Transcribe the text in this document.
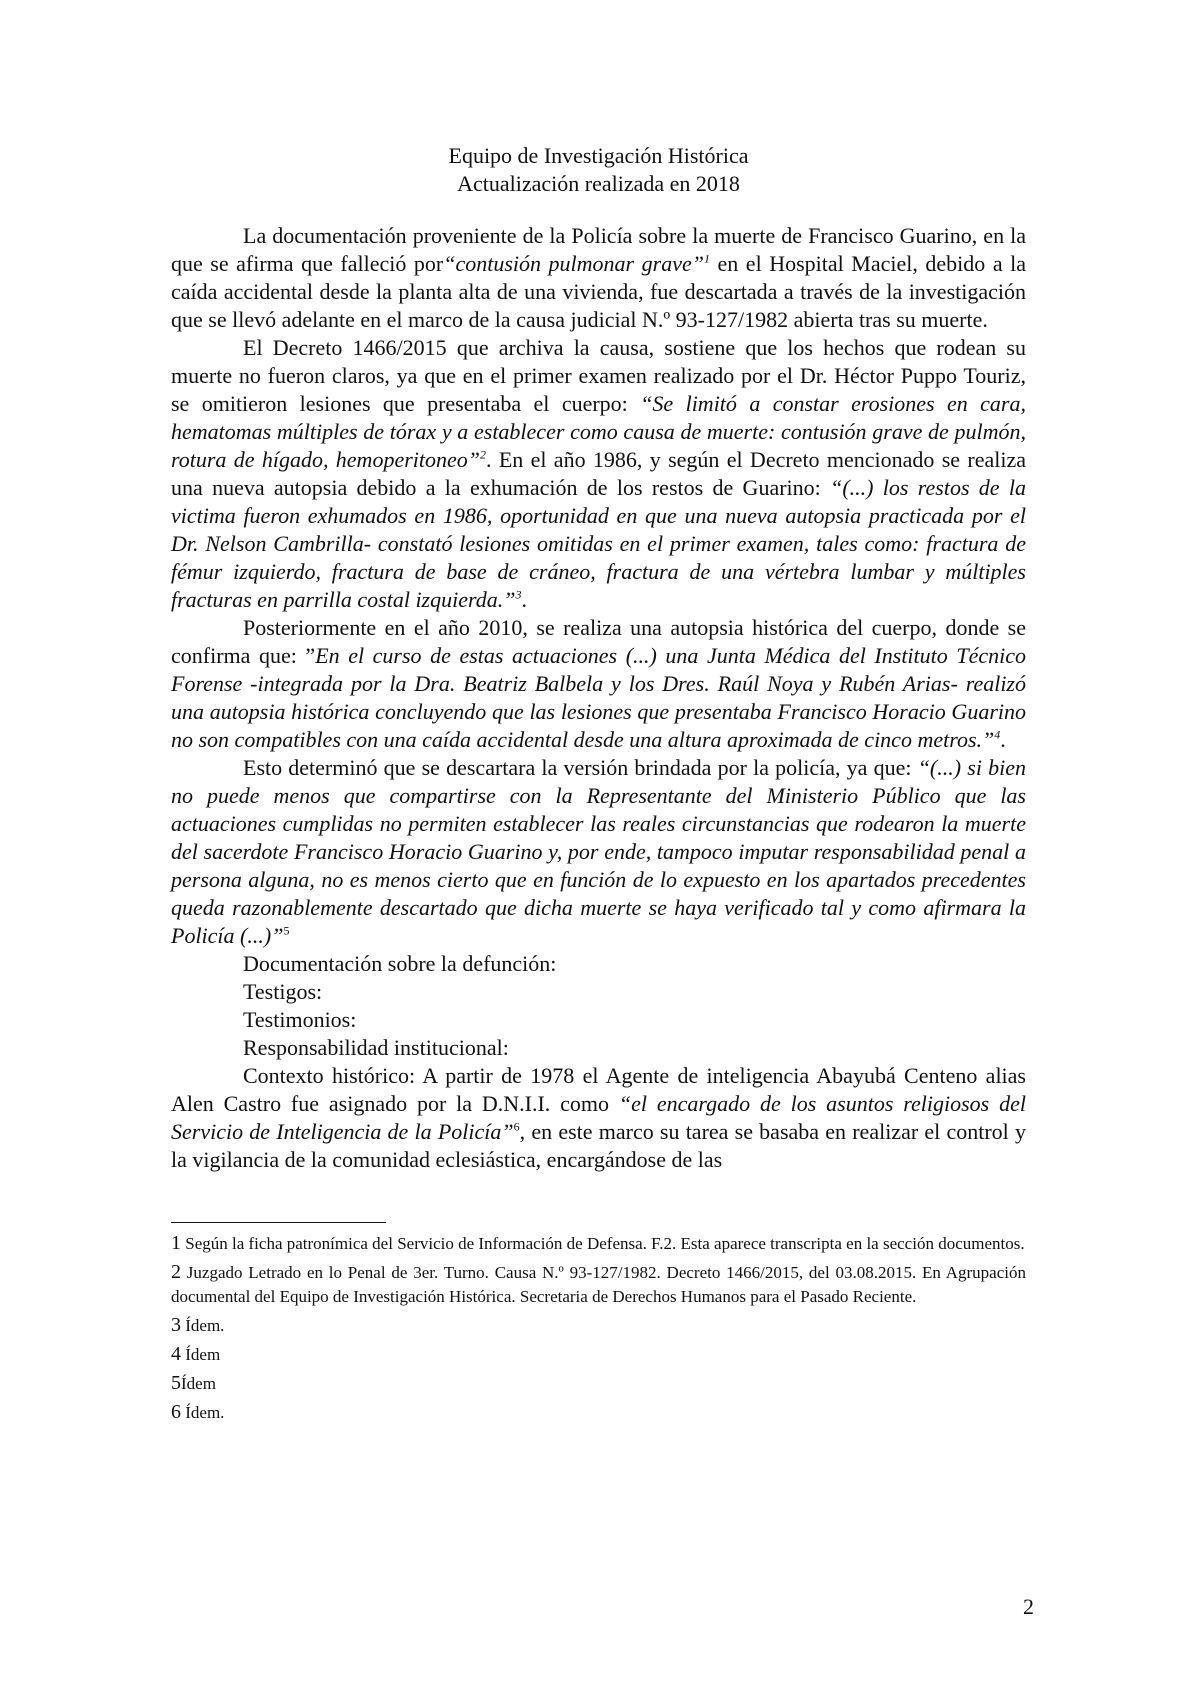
Equipo de Investigación Histórica
Actualización realizada en 2018

La documentación proveniente de la Policía sobre la muerte de Francisco Guarino, en la que se afirma que falleció por“contusión pulmonar grave”$^1$ en el Hospital Maciel, debido a la caída accidental desde la planta alta de una vivienda, fue descartada a través de la investigación que se llevó adelante en el marco de la causa judicial N.º 93-127/1982 abierta tras su muerte.

El Decreto 1466/2015 que archiva la causa, sostiene que los hechos que rodean su muerte no fueron claros, ya que en el primer examen realizado por el Dr. Héctor Puppo Touriz, se omitieron lesiones que presentaba el cuerpo: “Se limitó a constar erosiones en cara, hematomas múltiples de tórax y a establecer como causa de muerte: contusión grave de pulmón, rotura de hígado, hemoperitoneo”$^2$. En el año 1986, y según el Decreto mencionado se realiza una nueva autopsia debido a la exhumación de los restos de Guarino: “(...) los restos de la victima fueron exhumados en 1986, oportunidad en que una nueva autopsia practicada por el Dr. Nelson Cambrilla- constató lesiones omitidas en el primer examen, tales como: fractura de fémur izquierdo, fractura de base de cráneo, fractura de una vértebra lumbar y múltiples fracturas en parrilla costal izquierda.”$^3$.

Posteriormente en el año 2010, se realiza una autopsia histórica del cuerpo, donde se confirma que: ”En el curso de estas actuaciones (...) una Junta Médica del Instituto Técnico Forense -integrada por la Dra. Beatriz Balbela y los Dres. Raúl Noya y Rubén Arias- realizó una autopsia histórica concluyendo que las lesiones que presentaba Francisco Horacio Guarino no son compatibles con una caída accidental desde una altura aproximada de cinco metros.”$^4$.

Esto determinó que se descartara la versión brindada por la policía, ya que: “(...) si bien no puede menos que compartirse con la Representante del Ministerio Público que las actuaciones cumplidas no permiten establecer las reales circunstancias que rodearon la muerte del sacerdote Francisco Horacio Guarino y, por ende, tampoco imputar responsabilidad penal a persona alguna, no es menos cierto que en función de lo expuesto en los apartados precedentes queda razonablemente descartado que dicha muerte se haya verificado tal y como afirmara la Policía (...)”$^5$

Documentación sobre la defunción:

Testigos:

Testimonios:

Responsabilidad institucional:

Contexto histórico: A partir de 1978 el Agente de inteligencia Abayubá Centeno alias Alen Castro fue asignado por la D.N.I.I. como “el encargado de los asuntos religiosos del Servicio de Inteligencia de la Policía”$^6$, en este marco su tarea se basaba en realizar el control y la vigilancia de la comunidad eclesiástica, encargándose de las

1 Según la ficha patronímica del Servicio de Información de Defensa. F.2. Esta aparece transcripta en la sección documentos.
2 Juzgado Letrado en lo Penal de 3er. Turno. Causa N.º 93-127/1982. Decreto 1466/2015, del 03.08.2015. En Agrupación documental del Equipo de Investigación Histórica. Secretaria de Derechos Humanos para el Pasado Reciente.
3 Ídem.
4 Ídem
5Ídem
6 Ídem.
2
